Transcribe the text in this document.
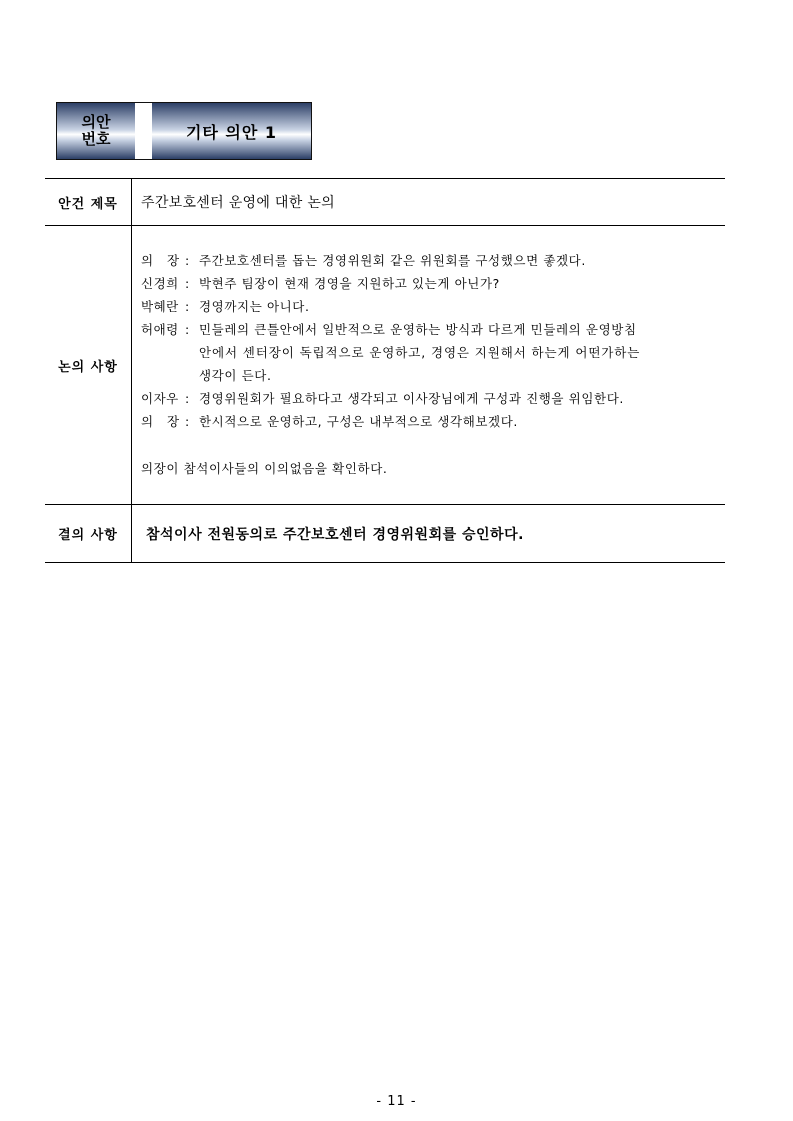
의안
번호	기타 의안 1
안건 제목	주간보호센터 운영에 대한 논의
논의 사항
의   장 : 주간보호센터를 돕는 경영위원회 같은 위원회를 구성했으면 좋겠다.
신경희 : 박현주 팀장이 현재 경영을 지원하고 있는게 아닌가?
박혜란 : 경영까지는 아니다.
허애령 : 민들레의 큰틀안에서 일반적으로 운영하는 방식과 다르게 민들레의 운영방침
안에서 센터장이 독립적으로 운영하고, 경영은 지원해서 하는게 어떤가하는
생각이 든다.
이자우 : 경영위원회가 필요하다고 생각되고 이사장님에게 구성과 진행을 위임한다.
의   장 : 한시적으로 운영하고, 구성은 내부적으로 생각해보겠다.
의장이 참석이사들의 이의없음을 확인하다.
결의 사항	참석이사 전원동의로 주간보호센터 경영위원회를 승인하다.
- 11 -
